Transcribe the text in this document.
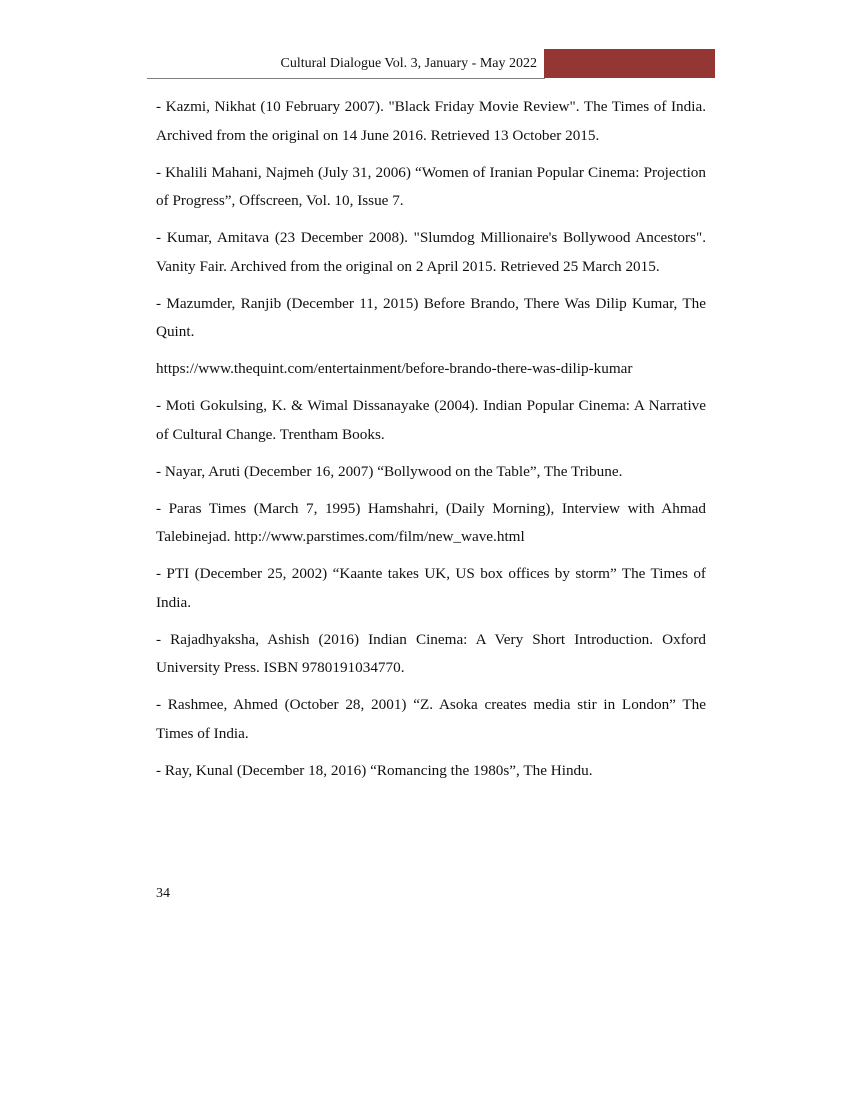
Cultural Dialogue Vol. 3, January - May 2022

- Kazmi, Nikhat (10 February 2007). "Black Friday Movie Review". The Times of India. Archived from the original on 14 June 2016. Retrieved 13 October 2015.

- Khalili Mahani, Najmeh (July 31, 2006) “Women of Iranian Popular Cinema: Projection of Progress”, Offscreen, Vol. 10, Issue 7.

- Kumar, Amitava (23 December 2008). "Slumdog Millionaire's Bollywood Ancestors". Vanity Fair. Archived from the original on 2 April 2015. Retrieved 25 March 2015.

- Mazumder, Ranjib (December 11, 2015) Before Brando, There Was Dilip Kumar, The Quint.

https://www.thequint.com/entertainment/before-brando-there-was-dilip-kumar

- Moti Gokulsing, K. & Wimal Dissanayake (2004). Indian Popular Cinema: A Narrative of Cultural Change. Trentham Books.

- Nayar, Aruti (December 16, 2007) “Bollywood on the Table”, The Tribune.

- Paras Times (March 7, 1995) Hamshahri, (Daily Morning), Interview with Ahmad Talebinejad. http://www.parstimes.com/film/new_wave.html

- PTI (December 25, 2002) “Kaante takes UK, US box offices by storm” The Times of India.

- Rajadhyaksha, Ashish (2016) Indian Cinema: A Very Short Introduction. Oxford University Press. ISBN 9780191034770.

- Rashmee, Ahmed (October 28, 2001) “Z. Asoka creates media stir in London” The Times of India.

- Ray, Kunal (December 18, 2016) “Romancing the 1980s”, The Hindu.

34
